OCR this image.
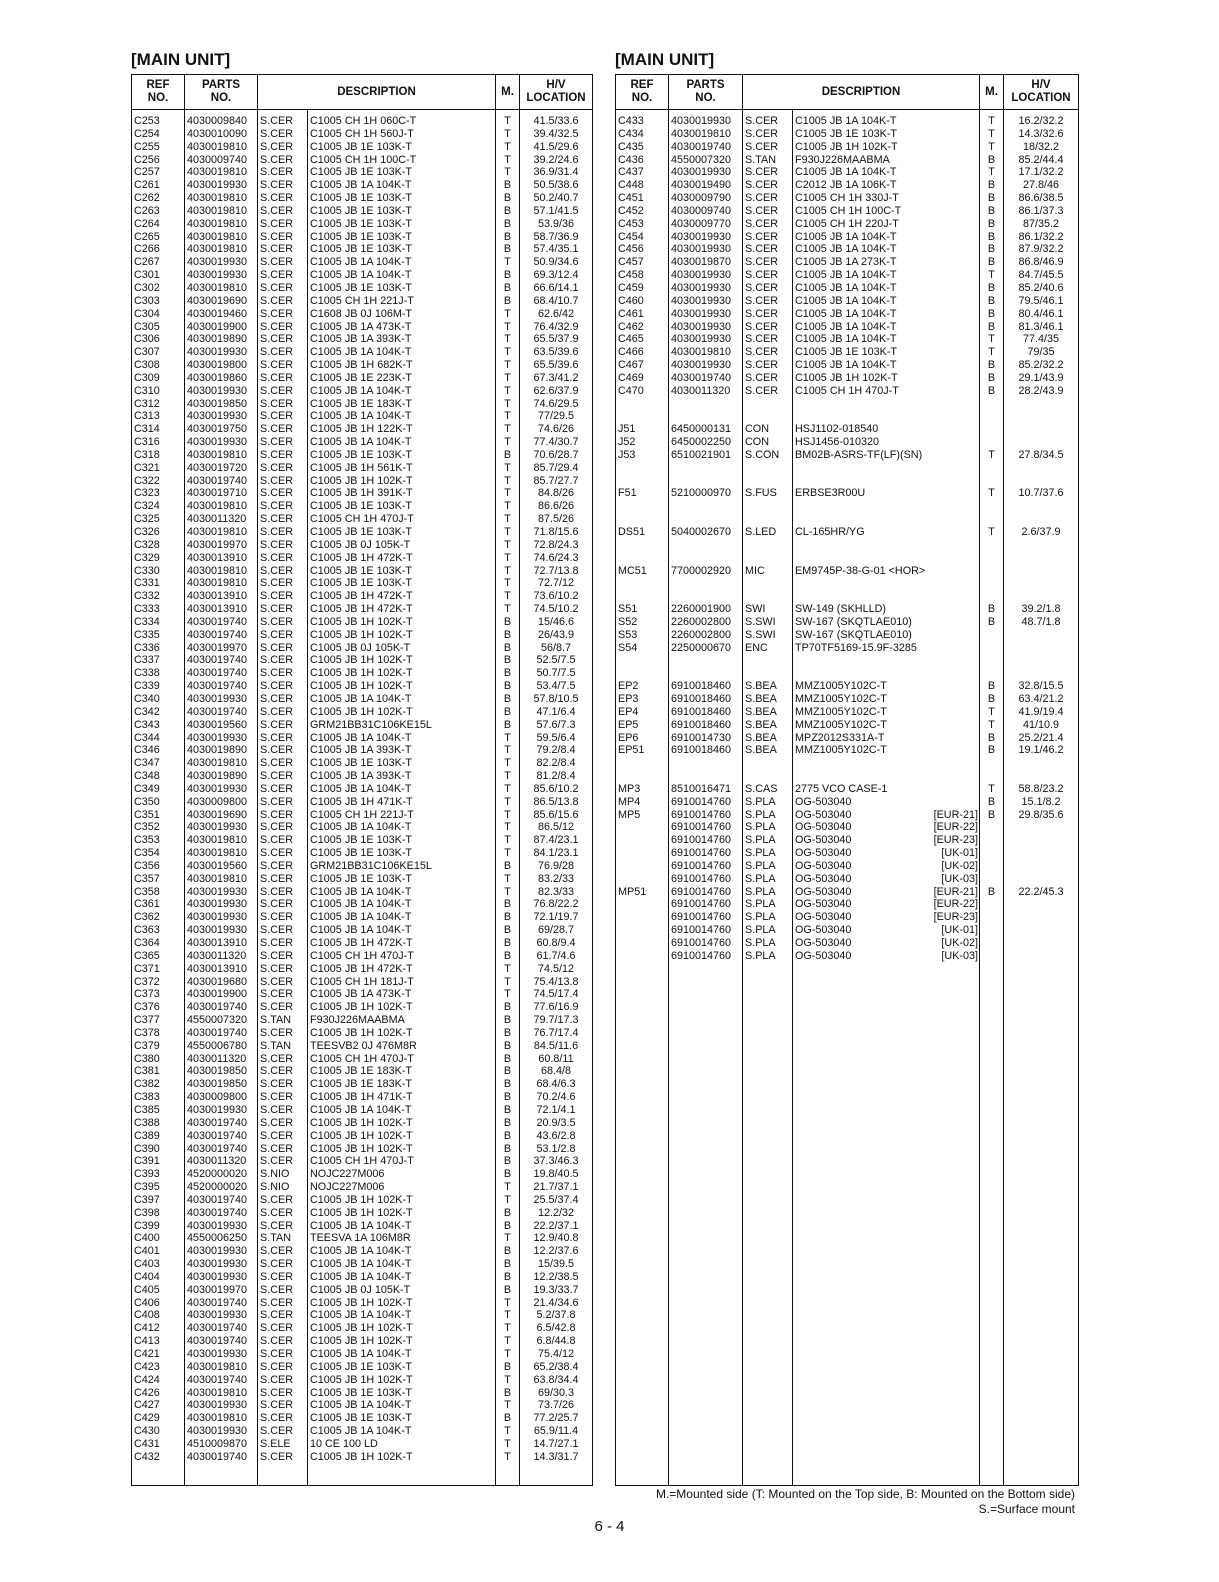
[MAIN UNIT]
REF
NO.	PARTS
NO.	DESCRIPTION		M.	H/V
LOCATION
C253	4030009840	S.CER	C1005 CH 1H 060C-T	T	41.5/33.6
C254	4030010090	S.CER	C1005 CH 1H 560J-T	T	39.4/32.5
C255	4030019810	S.CER	C1005 JB 1E 103K-T	T	41.5/29.6
C256	4030009740	S.CER	C1005 CH 1H 100C-T	T	39.2/24.6
C257	4030019810	S.CER	C1005 JB 1E 103K-T	T	36.9/31.4
C261	4030019930	S.CER	C1005 JB 1A 104K-T	B	50.5/38.6
C262	4030019810	S.CER	C1005 JB 1E 103K-T	B	50.2/40.7
C263	4030019810	S.CER	C1005 JB 1E 103K-T	B	57.1/41.5
C264	4030019810	S.CER	C1005 JB 1E 103K-T	B	53.9/36
C265	4030019810	S.CER	C1005 JB 1E 103K-T	B	58.7/36.9
C266	4030019810	S.CER	C1005 JB 1E 103K-T	B	57.4/35.1
C267	4030019930	S.CER	C1005 JB 1A 104K-T	T	50.9/34.6
C301	4030019930	S.CER	C1005 JB 1A 104K-T	B	69.3/12.4
C302	4030019810	S.CER	C1005 JB 1E 103K-T	B	66.6/14.1
C303	4030019690	S.CER	C1005 CH 1H 221J-T	B	68.4/10.7
C304	4030019460	S.CER	C1608 JB 0J 106M-T	T	62.6/42
C305	4030019900	S.CER	C1005 JB 1A 473K-T	T	76.4/32.9
C306	4030019890	S.CER	C1005 JB 1A 393K-T	T	65.5/37.9
C307	4030019930	S.CER	C1005 JB 1A 104K-T	T	63.5/39.6
C308	4030019800	S.CER	C1005 JB 1H 682K-T	T	65.5/39.6
C309	4030019860	S.CER	C1005 JB 1E 223K-T	T	67.3/41.2
C310	4030019930	S.CER	C1005 JB 1A 104K-T	T	62.6/37.9
C312	4030019850	S.CER	C1005 JB 1E 183K-T	T	74.6/29.5
C313	4030019930	S.CER	C1005 JB 1A 104K-T	T	77/29.5
C314	4030019750	S.CER	C1005 JB 1H 122K-T	T	74.6/26
C316	4030019930	S.CER	C1005 JB 1A 104K-T	T	77.4/30.7
C318	4030019810	S.CER	C1005 JB 1E 103K-T	B	70.6/28.7
C321	4030019720	S.CER	C1005 JB 1H 561K-T	T	85.7/29.4
C322	4030019740	S.CER	C1005 JB 1H 102K-T	T	85.7/27.7
C323	4030019710	S.CER	C1005 JB 1H 391K-T	T	84.8/26
C324	4030019810	S.CER	C1005 JB 1E 103K-T	T	86.6/26
C325	4030011320	S.CER	C1005 CH 1H 470J-T	T	87.5/26
C326	4030019810	S.CER	C1005 JB 1E 103K-T	T	71.8/15.6
C328	4030019970	S.CER	C1005 JB 0J 105K-T	T	72.8/24.3
C329	4030013910	S.CER	C1005 JB 1H 472K-T	T	74.6/24.3
C330	4030019810	S.CER	C1005 JB 1E 103K-T	T	72.7/13.8
C331	4030019810	S.CER	C1005 JB 1E 103K-T	T	72.7/12
C332	4030013910	S.CER	C1005 JB 1H 472K-T	T	73.6/10.2
C333	4030013910	S.CER	C1005 JB 1H 472K-T	T	74.5/10.2
C334	4030019740	S.CER	C1005 JB 1H 102K-T	B	15/46.6
C335	4030019740	S.CER	C1005 JB 1H 102K-T	B	26/43.9
C336	4030019970	S.CER	C1005 JB 0J 105K-T	B	56/8.7
C337	4030019740	S.CER	C1005 JB 1H 102K-T	B	52.5/7.5
C338	4030019740	S.CER	C1005 JB 1H 102K-T	B	50.7/7.5
C339	4030019740	S.CER	C1005 JB 1H 102K-T	B	53.4/7.5
C340	4030019930	S.CER	C1005 JB 1A 104K-T	B	57.8/10.5
C342	4030019740	S.CER	C1005 JB 1H 102K-T	B	47.1/6.4
C343	4030019560	S.CER	GRM21BB31C106KE15L	B	57.6/7.3
C344	4030019930	S.CER	C1005 JB 1A 104K-T	T	59.5/6.4
C346	4030019890	S.CER	C1005 JB 1A 393K-T	T	79.2/8.4
C347	4030019810	S.CER	C1005 JB 1E 103K-T	T	82.2/8.4
C348	4030019890	S.CER	C1005 JB 1A 393K-T	T	81.2/8.4
C349	4030019930	S.CER	C1005 JB 1A 104K-T	T	85.6/10.2
C350	4030009800	S.CER	C1005 JB 1H 471K-T	T	86.5/13.8
C351	4030019690	S.CER	C1005 CH 1H 221J-T	T	85.6/15.6
C352	4030019930	S.CER	C1005 JB 1A 104K-T	T	86.5/12
C353	4030019810	S.CER	C1005 JB 1E 103K-T	T	87.4/23.1
C354	4030019810	S.CER	C1005 JB 1E 103K-T	T	84.1/23.1
C356	4030019560	S.CER	GRM21BB31C106KE15L	B	76.9/28
C357	4030019810	S.CER	C1005 JB 1E 103K-T	T	83.2/33
C358	4030019930	S.CER	C1005 JB 1A 104K-T	T	82.3/33
C361	4030019930	S.CER	C1005 JB 1A 104K-T	B	76.8/22.2
C362	4030019930	S.CER	C1005 JB 1A 104K-T	B	72.1/19.7
C363	4030019930	S.CER	C1005 JB 1A 104K-T	B	69/28.7
C364	4030013910	S.CER	C1005 JB 1H 472K-T	B	60.8/9.4
C365	4030011320	S.CER	C1005 CH 1H 470J-T	B	61.7/4.6
C371	4030013910	S.CER	C1005 JB 1H 472K-T	T	74.5/12
C372	4030019680	S.CER	C1005 CH 1H 181J-T	T	75.4/13.8
C373	4030019900	S.CER	C1005 JB 1A 473K-T	T	74.5/17.4
C376	4030019740	S.CER	C1005 JB 1H 102K-T	B	77.6/16.9
C377	4550007320	S.TAN	F930J226MAABMA	B	79.7/17.3
C378	4030019740	S.CER	C1005 JB 1H 102K-T	B	76.7/17.4
C379	4550006780	S.TAN	TEESVB2 0J 476M8R	B	84.5/11.6
C380	4030011320	S.CER	C1005 CH 1H 470J-T	B	60.8/11
C381	4030019850	S.CER	C1005 JB 1E 183K-T	B	68.4/8
C382	4030019850	S.CER	C1005 JB 1E 183K-T	B	68.4/6.3
C383	4030009800	S.CER	C1005 JB 1H 471K-T	B	70.2/4.6
C385	4030019930	S.CER	C1005 JB 1A 104K-T	B	72.1/4.1
C388	4030019740	S.CER	C1005 JB 1H 102K-T	B	20.9/3.5
C389	4030019740	S.CER	C1005 JB 1H 102K-T	B	43.6/2.8
C390	4030019740	S.CER	C1005 JB 1H 102K-T	B	53.1/2.8
C391	4030011320	S.CER	C1005 CH 1H 470J-T	B	37.3/46.3
C393	4520000020	S.NIO	NOJC227M006	B	19.8/40.5
C395	4520000020	S.NIO	NOJC227M006	T	21.7/37.1
C397	4030019740	S.CER	C1005 JB 1H 102K-T	T	25.5/37.4
C398	4030019740	S.CER	C1005 JB 1H 102K-T	B	12.2/32
C399	4030019930	S.CER	C1005 JB 1A 104K-T	B	22.2/37.1
C400	4550006250	S.TAN	TEESVA 1A 106M8R	T	12.9/40.8
C401	4030019930	S.CER	C1005 JB 1A 104K-T	B	12.2/37.6
C403	4030019930	S.CER	C1005 JB 1A 104K-T	B	15/39.5
C404	4030019930	S.CER	C1005 JB 1A 104K-T	B	12.2/38.5
C405	4030019970	S.CER	C1005 JB 0J 105K-T	B	19.3/33.7
C406	4030019740	S.CER	C1005 JB 1H 102K-T	T	21.4/34.6
C408	4030019930	S.CER	C1005 JB 1A 104K-T	T	5.2/37.8
C412	4030019740	S.CER	C1005 JB 1H 102K-T	T	6.5/42.8
C413	4030019740	S.CER	C1005 JB 1H 102K-T	T	6.8/44.8
C421	4030019930	S.CER	C1005 JB 1A 104K-T	T	75.4/12
C423	4030019810	S.CER	C1005 JB 1E 103K-T	B	65.2/38.4
C424	4030019740	S.CER	C1005 JB 1H 102K-T	T	63.8/34.4
C426	4030019810	S.CER	C1005 JB 1E 103K-T	B	69/30.3
C427	4030019930	S.CER	C1005 JB 1A 104K-T	T	73.7/26
C429	4030019810	S.CER	C1005 JB 1E 103K-T	B	77.2/25.7
C430	4030019930	S.CER	C1005 JB 1A 104K-T	T	65.9/11.4
C431	4510009870	S.ELE	10 CE 100 LD	T	14.7/27.1
C432	4030019740	S.CER	C1005 JB 1H 102K-T	T	14.3/31.7

[MAIN UNIT]
REF
NO.	PARTS
NO.	DESCRIPTION		M.	H/V
LOCATION
C433	4030019930	S.CER	C1005 JB 1A 104K-T	T	16.2/32.2
C434	4030019810	S.CER	C1005 JB 1E 103K-T	T	14.3/32.6
C435	4030019740	S.CER	C1005 JB 1H 102K-T	T	18/32.2
C436	4550007320	S.TAN	F930J226MAABMA	B	85.2/44.4
C437	4030019930	S.CER	C1005 JB 1A 104K-T	T	17.1/32.2
C448	4030019490	S.CER	C2012 JB 1A 106K-T	B	27.8/46
C451	4030009790	S.CER	C1005 CH 1H 330J-T	B	86.6/38.5
C452	4030009740	S.CER	C1005 CH 1H 100C-T	B	86.1/37.3
C453	4030009770	S.CER	C1005 CH 1H 220J-T	B	87/35.2
C454	4030019930	S.CER	C1005 JB 1A 104K-T	B	86.1/32.2
C456	4030019930	S.CER	C1005 JB 1A 104K-T	B	87.9/32.2
C457	4030019870	S.CER	C1005 JB 1A 273K-T	B	86.8/46.9
C458	4030019930	S.CER	C1005 JB 1A 104K-T	T	84.7/45.5
C459	4030019930	S.CER	C1005 JB 1A 104K-T	B	85.2/40.6
C460	4030019930	S.CER	C1005 JB 1A 104K-T	B	79.5/46.1
C461	4030019930	S.CER	C1005 JB 1A 104K-T	B	80.4/46.1
C462	4030019930	S.CER	C1005 JB 1A 104K-T	B	81.3/46.1
C465	4030019930	S.CER	C1005 JB 1A 104K-T	T	77.4/35
C466	4030019810	S.CER	C1005 JB 1E 103K-T	T	79/35
C467	4030019930	S.CER	C1005 JB 1A 104K-T	B	85.2/32.2
C469	4030019740	S.CER	C1005 JB 1H 102K-T	B	29.1/43.9
C470	4030011320	S.CER	C1005 CH 1H 470J-T	B	28.2/43.9

J51	6450000131	CON	HSJ1102-018540		
J52	6450002250	CON	HSJ1456-010320		
J53	6510021901	S.CON	BM02B-ASRS-TF(LF)(SN)	T	27.8/34.5

F51	5210000970	S.FUS	ERBSE3R00U	T	10.7/37.6

DS51	5040002670	S.LED	CL-165HR/YG	T	2.6/37.9

MC51	7700002920	MIC	EM9745P-38-G-01 <HOR>		

S51	2260001900	SWI	SW-149 (SKHLLD)	B	39.2/1.8
S52	2260002800	S.SWI	SW-167 (SKQTLAE010)	B	48.7/1.8
S53	2260002800	S.SWI	SW-167 (SKQTLAE010)		
S54	2250000670	ENC	TP70TF5169-15.9F-3285		

EP2	6910018460	S.BEA	MMZ1005Y102C-T	B	32.8/15.5
EP3	6910018460	S.BEA	MMZ1005Y102C-T	B	63.4/21.2
EP4	6910018460	S.BEA	MMZ1005Y102C-T	T	41.9/19.4
EP5	6910018460	S.BEA	MMZ1005Y102C-T	T	41/10.9
EP6	6910014730	S.BEA	MPZ2012S331A-T	B	25.2/21.4
EP51	6910018460	S.BEA	MMZ1005Y102C-T	B	19.1/46.2

MP3	8510016471	S.CAS	2775 VCO CASE-1	T	58.8/23.2
MP4	6910014760	S.PLA	OG-503040	B	15.1/8.2
MP5	6910014760	S.PLA	OG-503040 [EUR-21]	B	29.8/35.6
	6910014760	S.PLA	OG-503040 [EUR-22]		

	6910014760	S.PLA	OG-503040 [EUR-23]		

	6910014760	S.PLA	OG-503040 [UK-01]		

	6910014760	S.PLA	OG-503040 [UK-02]		

	6910014760	S.PLA	OG-503040 [UK-03]		

MP51	6910014760	S.PLA	OG-503040 [EUR-21]	B	22.2/45.3
	6910014760	S.PLA	OG-503040 [EUR-22]		

	6910014760	S.PLA	OG-503040 [EUR-23]		

	6910014760	S.PLA	OG-503040 [UK-01]		

	6910014760	S.PLA	OG-503040 [UK-02]		

	6910014760	S.PLA	OG-503040 [UK-03]		

M.=Mounted side (T: Mounted on the Top side, B: Mounted on the Bottom side)
S.=Surface mount
6 - 4
